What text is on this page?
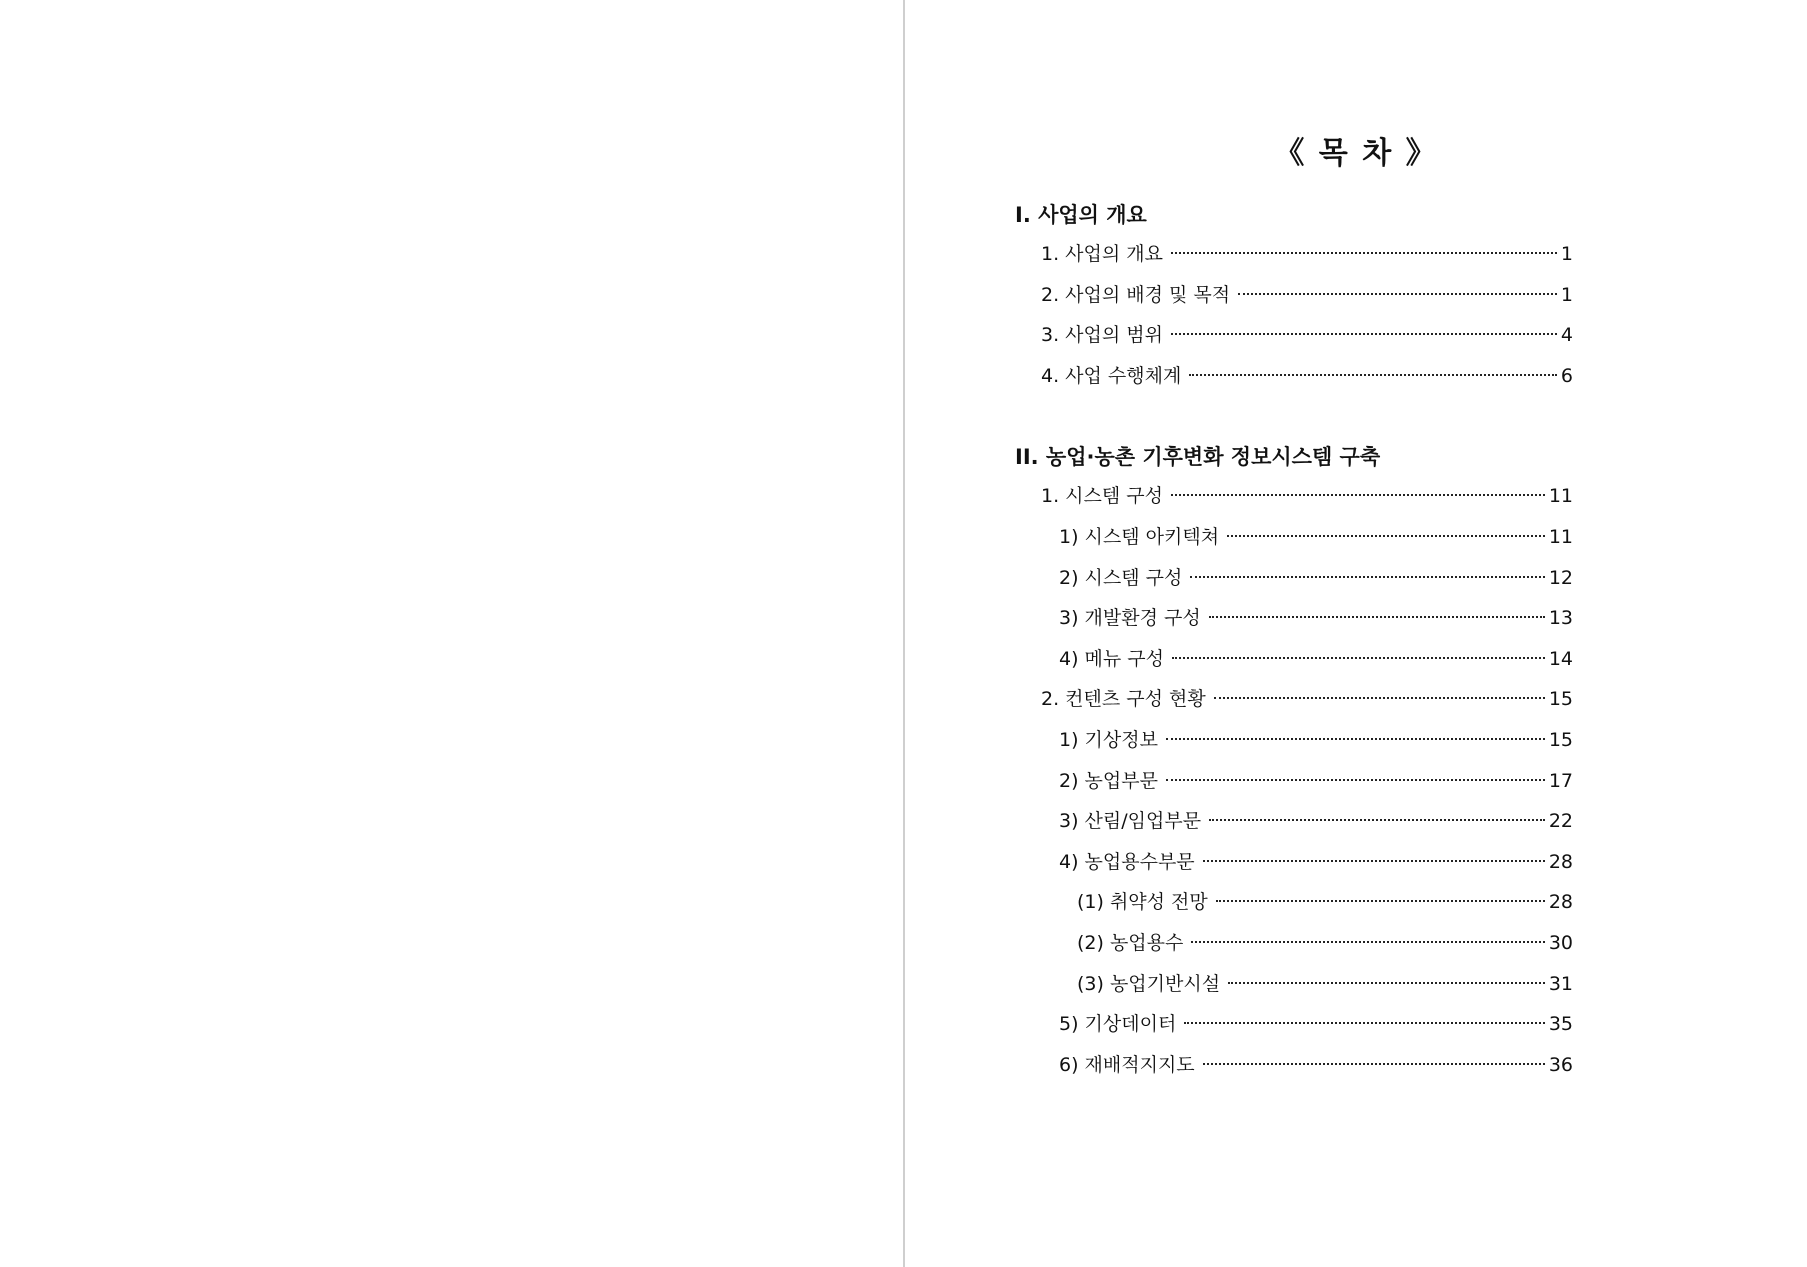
《 목 차 》
I. 사업의 개요
1. 사업의 개요	1
2. 사업의 배경 및 목적	1
3. 사업의 범위	4
4. 사업 수행체계	6
II. 농업·농촌 기후변화 정보시스템 구축
1. 시스템 구성	11
1) 시스템 아키텍쳐	11
2) 시스템 구성	12
3) 개발환경 구성	13
4) 메뉴 구성	14
2. 컨텐츠 구성 현황	15
1) 기상정보	15
2) 농업부문	17
3) 산림/임업부문	22
4) 농업용수부문	28
(1) 취약성 전망	28
(2) 농업용수	30
(3) 농업기반시설	31
5) 기상데이터	35
6) 재배적지지도	36
